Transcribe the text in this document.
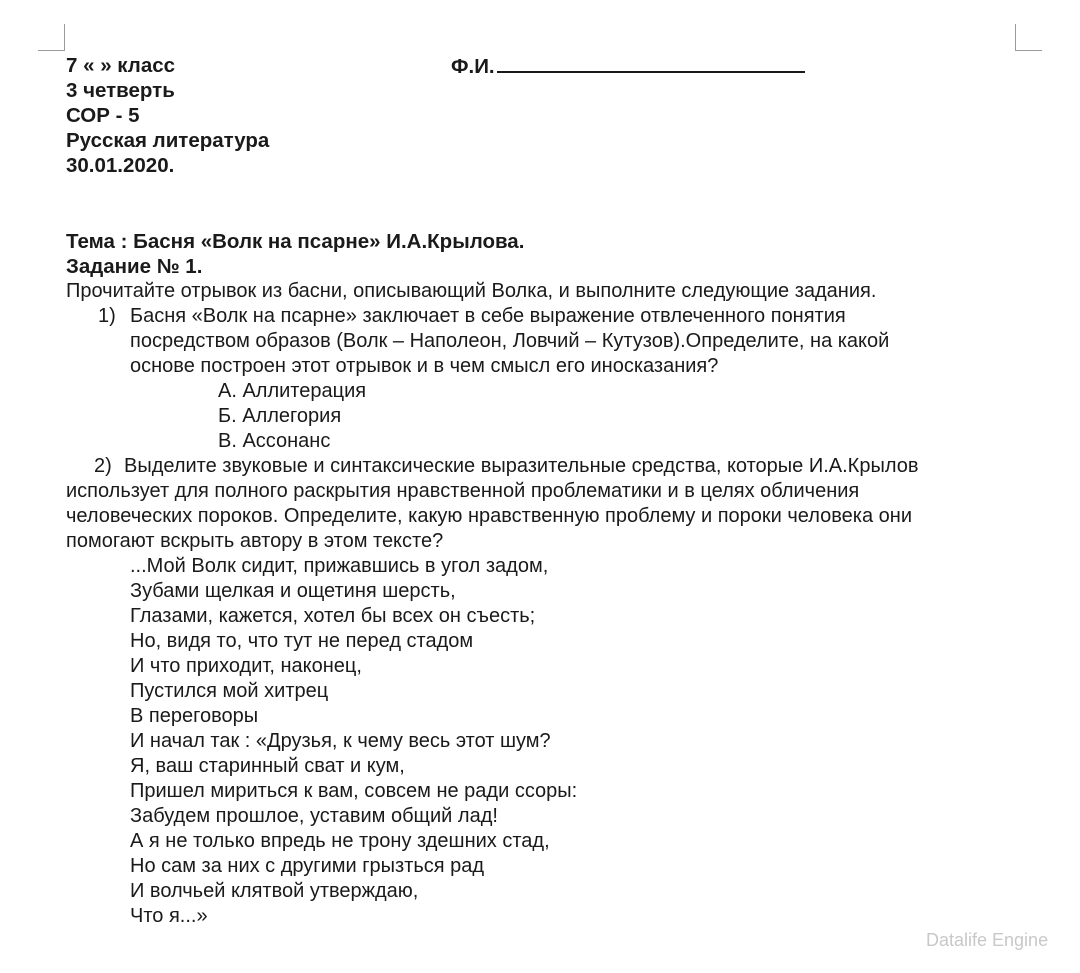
7 « » класс	Ф.И.
3 четверть
СОР - 5
Русская литература
30.01.2020.
Тема : Басня «Волк на псарне» И.А.Крылова.
Задание № 1.
Прочитайте отрывок из басни, описывающий Волка, и выполните следующие задания.
1) Басня «Волк на псарне» заключает в себе выражение отвлеченного понятия
посредством образов (Волк – Наполеон, Ловчий – Кутузов).Определите, на какой
основе построен этот отрывок и в чем смысл его иносказания?
А. Аллитерация
Б. Аллегория
В. Ассонанс
2) Выделите звуковые и синтаксические выразительные средства, которые И.А.Крылов
использует для полного раскрытия нравственной проблематики и в целях обличения
человеческих пороков. Определите, какую нравственную проблему и пороки человека они
помогают вскрыть автору в этом тексте?
...Мой Волк сидит, прижавшись в угол задом,
Зубами щелкая и ощетиня шерсть,
Глазами, кажется, хотел бы всех он съесть;
Но, видя то, что тут не перед стадом
И что приходит, наконец,
Пустился мой хитрец
В переговоры
И начал так : «Друзья, к чему весь этот шум?
Я, ваш старинный сват и кум,
Пришел мириться к вам, совсем не ради ссоры:
Забудем прошлое, уставим общий лад!
А я не только впредь не трону здешних стад,
Но сам за них с другими грызться рад
И волчьей клятвой утверждаю,
Что я...»
Datalife Engine
